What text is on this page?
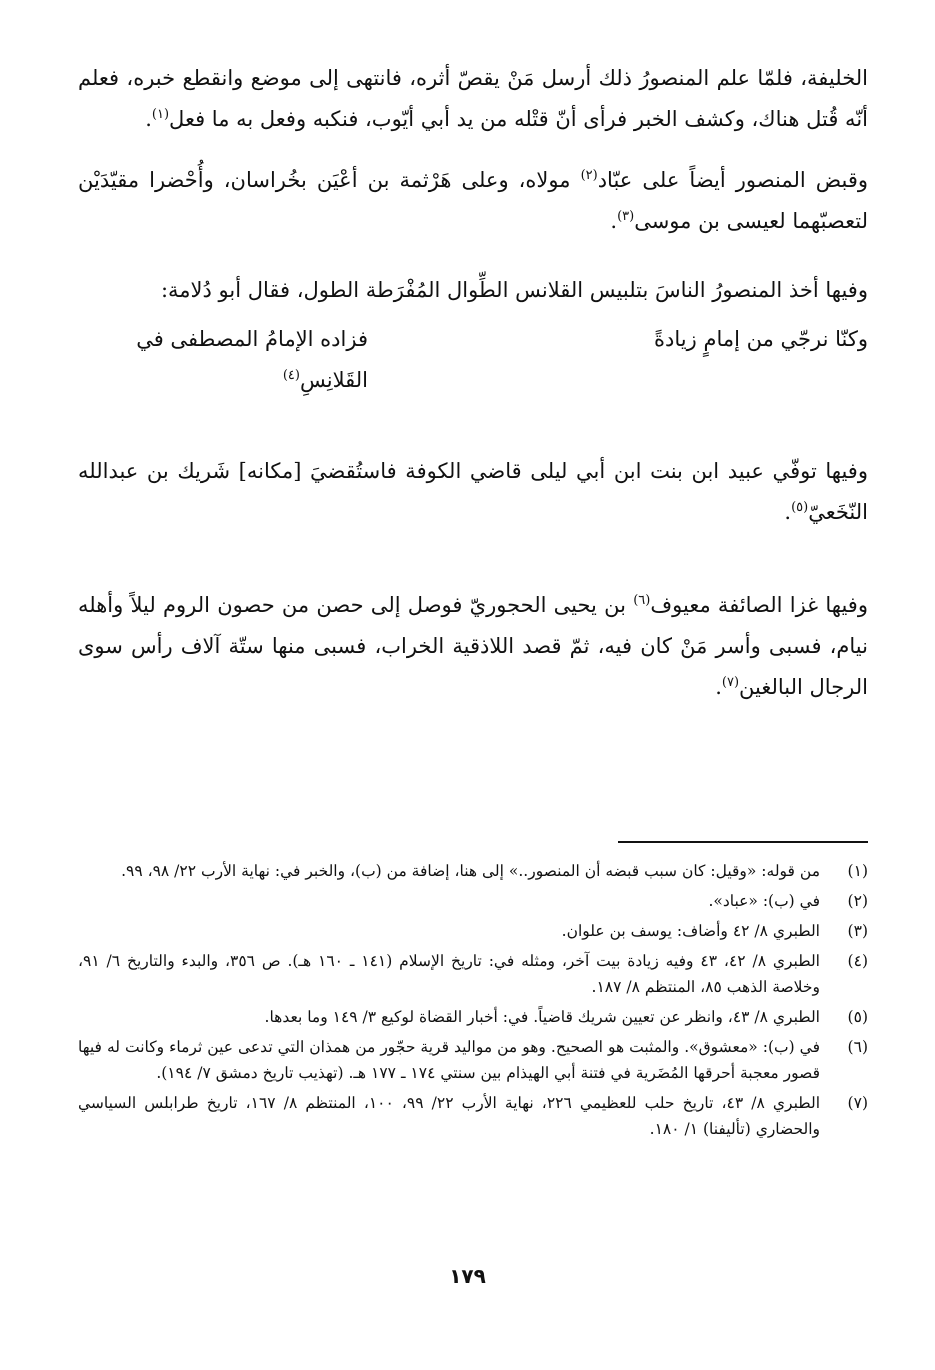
الخليفة، فلمّا علم المنصورُ ذلك أرسل مَنْ يقصّ أثره، فانتهى إلى موضع وانقطع خبره، فعلم أنّه قُتل هناك، وكشف الخبر فرأى أنّ قتْله من يد أبي أيّوب، فنكبه وفعل به ما فعل$^{(١)}$.

وقبض المنصور أيضاً على عبّاد$^{(٢)}$ مولاه، وعلى هَرْثمة بن أعْيَن بخُراسان، وأُحْضرا مقيّدَيْن لتعصبّهما لعيسى بن موسى$^{(٣)}$.

وفيها أخذ المنصورُ الناسَ بتلبيس القلانس الطِّوال المُفْرَطة الطول، فقال أبو دُلامة:

وكنّا نرجّي من إمامٍ زيادةً
فزاده الإمامُ المصطفى في القَلانِسِ$^{(٤)}$

وفيها توفّي عبيد ابن بنت ابن أبي ليلى قاضي الكوفة فاستُقضيَ [مكانه] شَريك بن عبدالله النّخَعيّ$^{(٥)}$.

وفيها غزا الصائفة معيوف$^{(٦)}$ بن يحيى الحجوريّ فوصل إلى حصن من حصون الروم ليلاً وأهله نيام، فسبى وأسر مَنْ كان فيه، ثمّ قصد اللاذقية الخراب، فسبى منها ستّة آلاف رأس سوى الرجال البالغين$^{(٧)}$.

(١)
من قوله: «وقيل: كان سبب قبضه أن المنصور..» إلى هنا، إضافة من (ب)، والخبر في: نهاية الأرب ٢٢/ ٩٨، ٩٩.
(٢)
في (ب): «عباد».
(٣)
الطبري ٨/ ٤٢ وأضاف: يوسف بن علوان.
(٤)
الطبري ٨/ ٤٢، ٤٣ وفيه زيادة بيت آخر، ومثله في: تاريخ الإسلام (١٤١ ـ ١٦٠ هـ). ص ٣٥٦، والبدء والتاريخ ٦/ ٩١، وخلاصة الذهب ٨٥، المنتظم ٨/ ١٨٧.
(٥)
الطبري ٨/ ٤٣، وانظر عن تعيين شريك قاضياً. في: أخبار القضاة لوكيع ٣/ ١٤٩ وما بعدها.
(٦)
في (ب): «معشوق». والمثبت هو الصحيح. وهو من مواليد قرية حجّور من همذان التي تدعى عين ثرماء وكانت له فيها قصور معجبة أحرقها المُضَرية في فتنة أبي الهيذام بين سنتي ١٧٤ ـ ١٧٧ هـ. (تهذيب تاريخ دمشق ٧/ ١٩٤).
(٧)
الطبري ٨/ ٤٣، تاريخ حلب للعظيمي ٢٢٦، نهاية الأرب ٢٢/ ٩٩، ١٠٠، المنتظم ٨/ ١٦٧، تاريخ طرابلس السياسي والحضاري (تأليفنا) ١/ ١٨٠.
١٧٩
